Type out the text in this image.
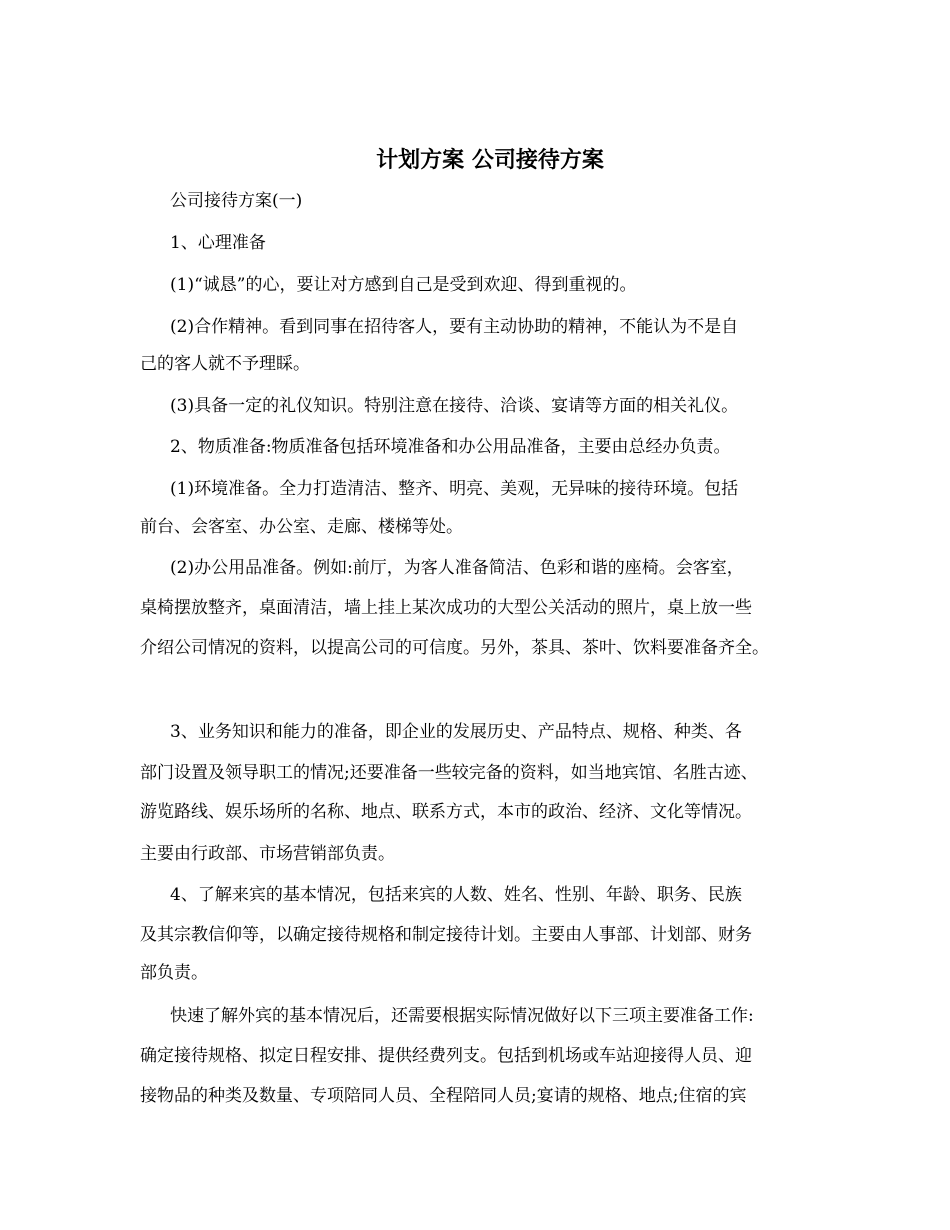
计划方案 公司接待方案
公司接待方案(一)
1、心理准备
(1)“诚恳”的心，要让对方感到自己是受到欢迎、得到重视的。
(2)合作精神。看到同事在招待客人，要有主动协助的精神，不能认为不是自
己的客人就不予理睬。
(3)具备一定的礼仪知识。特别注意在接待、洽谈、宴请等方面的相关礼仪。
2、物质准备:物质准备包括环境准备和办公用品准备，主要由总经办负责。
(1)环境准备。全力打造清洁、整齐、明亮、美观，无异味的接待环境。包括
前台、会客室、办公室、走廊、楼梯等处。
(2)办公用品准备。例如:前厅，为客人准备简洁、色彩和谐的座椅。会客室，
桌椅摆放整齐，桌面清洁，墙上挂上某次成功的大型公关活动的照片，桌上放一些
介绍公司情况的资料，以提高公司的可信度。另外，茶具、茶叶、饮料要准备齐全。
3、业务知识和能力的准备，即企业的发展历史、产品特点、规格、种类、各
部门设置及领导职工的情况;还要准备一些较完备的资料，如当地宾馆、名胜古迹、
游览路线、娱乐场所的名称、地点、联系方式，本市的政治、经济、文化等情况。
主要由行政部、市场营销部负责。
4、了解来宾的基本情况，包括来宾的人数、姓名、性别、年龄、职务、民族
及其宗教信仰等，以确定接待规格和制定接待计划。主要由人事部、计划部、财务
部负责。
快速了解外宾的基本情况后，还需要根据实际情况做好以下三项主要准备工作:
确定接待规格、拟定日程安排、提供经费列支。包括到机场或车站迎接得人员、迎
接物品的种类及数量、专项陪同人员、全程陪同人员;宴请的规格、地点;住宿的宾
